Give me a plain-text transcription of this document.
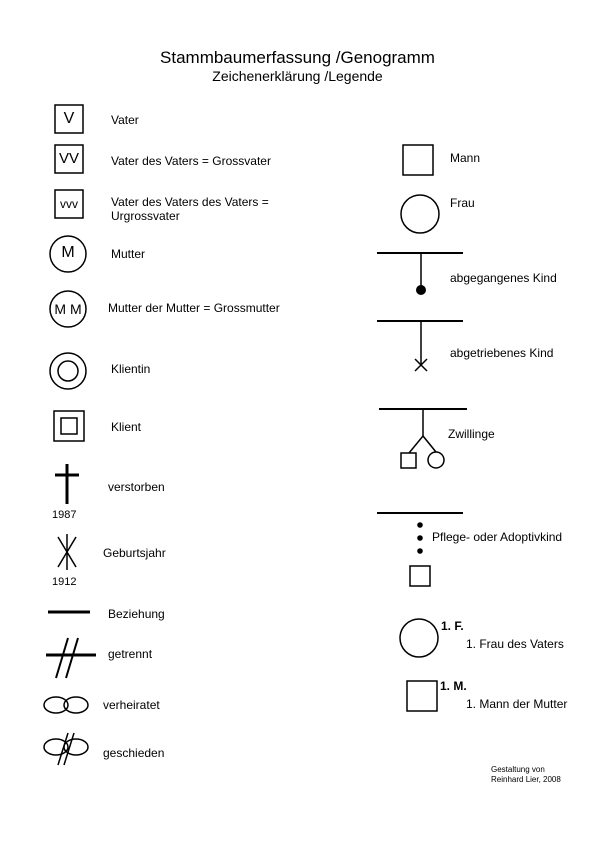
Stammbaumerfassung /Genogramm
Zeichenerklärung /Legende
V	Vater
VV	Vater des Vaters = Grossvater
vvv	Vater des Vaters des Vaters =
Urgrossvater
M	Mutter
M M	Mutter der Mutter = Grossmutter
Klientin
Klient
verstorben
1987
Geburtsjahr
1912
Beziehung
getrennt
verheiratet
geschieden
Mann
Frau
abgegangenes Kind
abgetriebenes Kind
Zwillinge
Pflege- oder Adoptivkind
1. F.
1. Frau des Vaters
1. M.
1. Mann der Mutter
Gestaltung von
Reinhard Lier, 2008
